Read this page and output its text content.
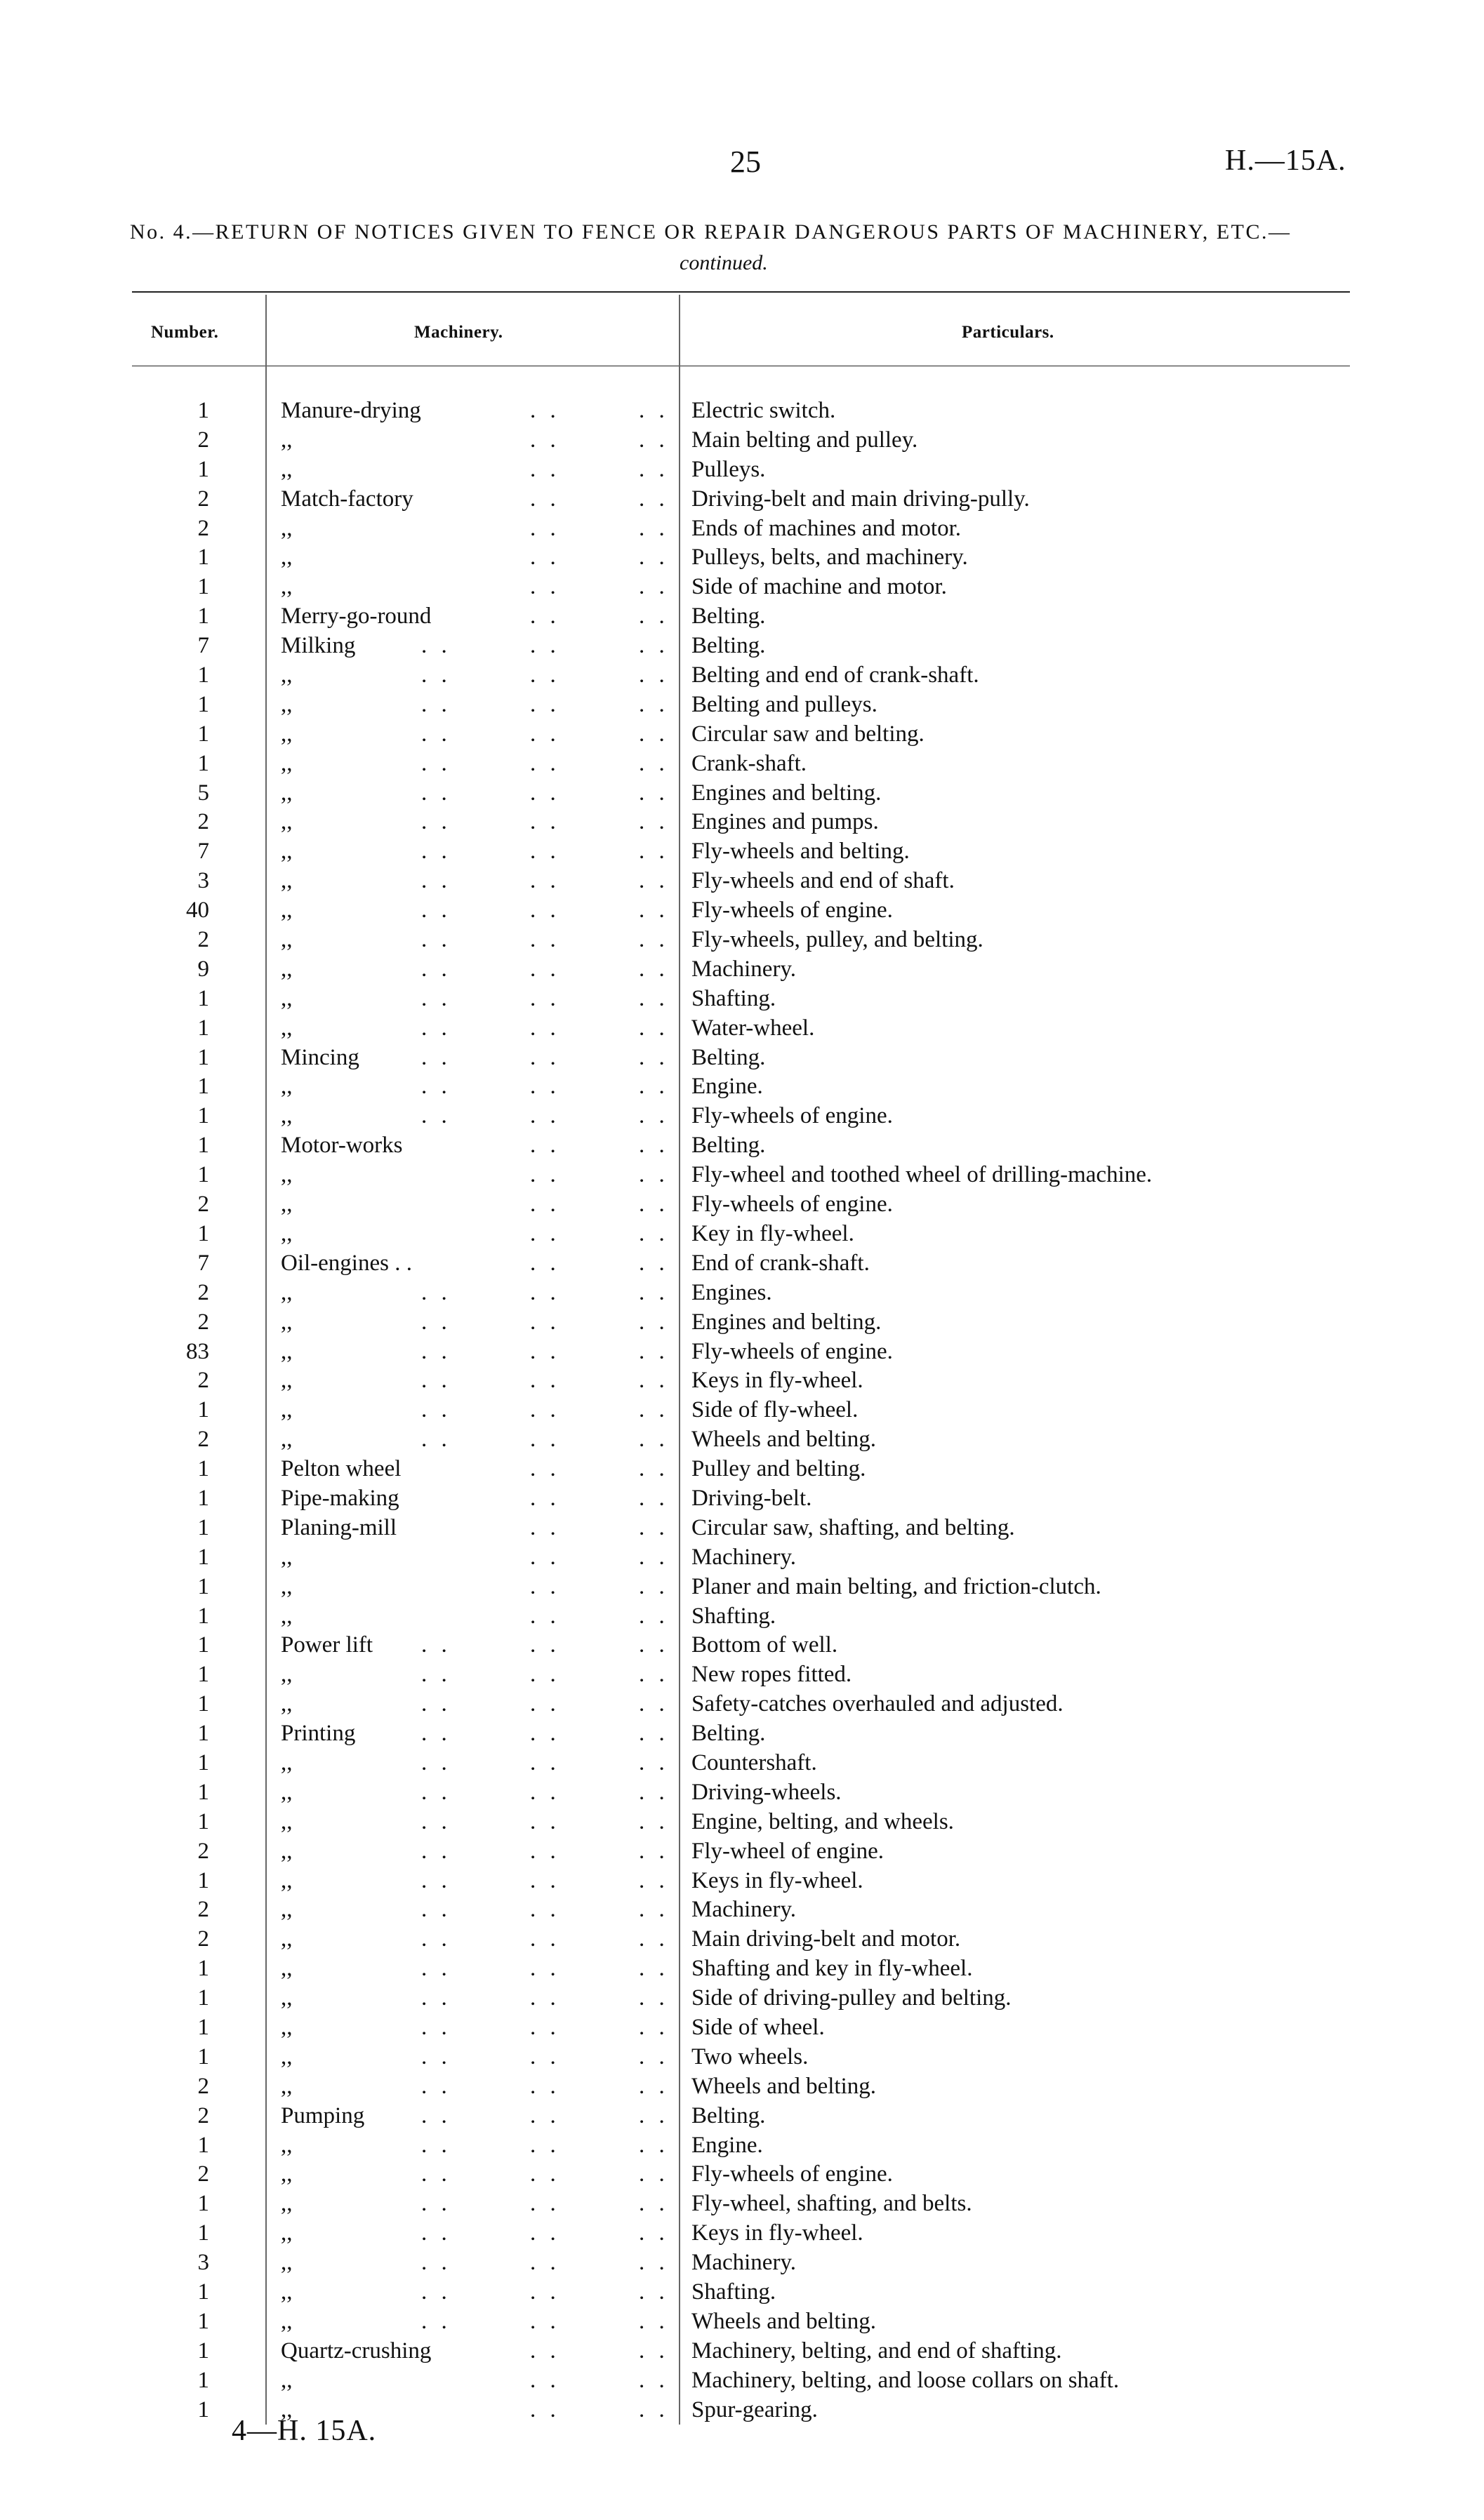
25	H.—15A.
No. 4.—RETURN OF NOTICES GIVEN TO FENCE OR REPAIR DANGEROUS PARTS OF MACHINERY, ETC.—
continued.
Number.	Machinery.	Particulars.
1	Manure-drying	. .	. . Electric switch.
2	,,	. .	. . Main belting and pulley.
1	,,	. .	. . Pulleys.
2	Match-factory	. .	. . Driving-belt and main driving-pully.
2	,,	. .	. . Ends of machines and motor.
1	,,	. .	. . Pulleys, belts, and machinery.
1	,,	. .	. . Side of machine and motor.
1	Merry-go-round	. .	. . Belting.
7	Milking	. .	. .	. . Belting.
1	,,	. .	. .	. . Belting and end of crank-shaft.
1	,,	. .	. .	. . Belting and pulleys.
1	,,	. .	. .	. . Circular saw and belting.
1	,,	. .	. .	. . Crank-shaft.
5	,,	. .	. .	. . Engines and belting.
2	,,	. .	. .	. . Engines and pumps.
7	,,	. .	. .	. . Fly-wheels and belting.
3	,,	. .	. .	. . Fly-wheels and end of shaft.
40	,,	. .	. .	. . Fly-wheels of engine.
2	,,	. .	. .	. . Fly-wheels, pulley, and belting.
9	,,	. .	. .	. . Machinery.
1	,,	. .	. .	. . Shafting.
1	,,	. .	. .	. . Water-wheel.
1	Mincing	. .	. .	. . Belting.
1	,,	. .	. .	. . Engine.
1	,,	. .	. .	. . Fly-wheels of engine.
1	Motor-works	. .	. . Belting.
1	,,	. .	. . Fly-wheel and toothed wheel of drilling-machine.
2	,,	. .	. . Fly-wheels of engine.
1	,,	. .	. . Key in fly-wheel.
7	Oil-engines . .	. .	. . End of crank-shaft.
2	,,	. .	. .	. . Engines.
2	,,	. .	. .	. . Engines and belting.
83	,,	. .	. .	. . Fly-wheels of engine.
2	,,	. .	. .	. . Keys in fly-wheel.
1	,,	. .	. .	. . Side of fly-wheel.
2	,,	. .	. .	. . Wheels and belting.
1	Pelton wheel	. .	. . Pulley and belting.
1	Pipe-making	. .	. . Driving-belt.
1	Planing-mill	. .	. . Circular saw, shafting, and belting.
1	,,	. .	. . Machinery.
1	,,	. .	. . Planer and main belting, and friction-clutch.
1	,,	. .	. . Shafting.
1	Power lift . .	. .	. . Bottom of well.
1	,,	. .	. .	. . New ropes fitted.
1	,,	. .	. .	. . Safety-catches overhauled and adjusted.
1	Printing	. .	. .	. . Belting.
1	,,	. .	. .	. . Countershaft.
1	,,	. .	. .	. . Driving-wheels.
1	,,	. .	. .	. . Engine, belting, and wheels.
2	,,	. .	. .	. . Fly-wheel of engine.
1	,,	. .	. .	. . Keys in fly-wheel.
2	,,	. .	. .	. . Machinery.
2	,,	. .	. .	. . Main driving-belt and motor.
1	,,	. .	. .	. . Shafting and key in fly-wheel.
1	,,	. .	. .	. . Side of driving-pulley and belting.
1	,,	. .	. .	. . Side of wheel.
1	,,	. .	. .	. . Two wheels.
2	,,	. .	. .	. . Wheels and belting.
2	Pumping . .	. .	. . Belting.
1	,,	. .	. .	. . Engine.
2	,,	. .	. .	. . Fly-wheels of engine.
1	,,	. .	. .	. . Fly-wheel, shafting, and belts.
1	,,	. .	. .	. . Keys in fly-wheel.
3	,,	. .	. .	. . Machinery.
1	,,	. .	. .	. . Shafting.
1	,,	. .	. .	. . Wheels and belting.
1	Quartz-crushing	. .	. . Machinery, belting, and end of shafting.
1	,,	. .	. . Machinery, belting, and loose collars on shaft.
1	,,	. .	. . Spur-gearing.
4—H. 15A.
